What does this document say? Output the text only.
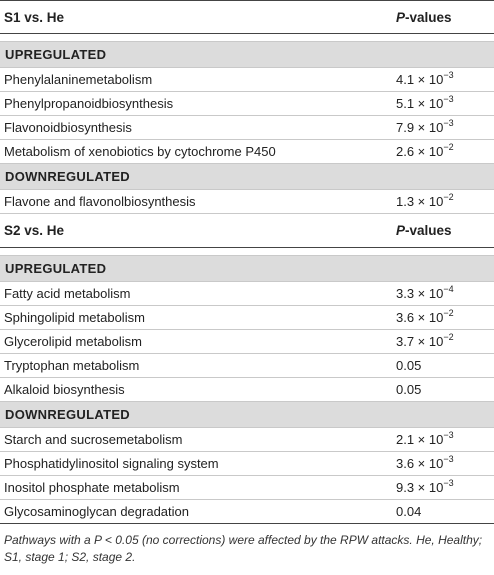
S1 vs. He	P-values
UPREGULATED
Phenylalaninemetabolism	$4.1 \times 10^{-3}$
Phenylpropanoidbiosynthesis	$5.1 \times 10^{-3}$
Flavonoidbiosynthesis	$7.9 \times 10^{-3}$
Metabolism of xenobiotics by cytochrome P450	$2.6 \times 10^{-2}$
DOWNREGULATED
Flavone and flavonolbiosynthesis	$1.3 \times 10^{-2}$
S2 vs. He	P-values
UPREGULATED
Fatty acid metabolism	$3.3 \times 10^{-4}$
Sphingolipid metabolism	$3.6 \times 10^{-2}$
Glycerolipid metabolism	$3.7 \times 10^{-2}$
Tryptophan metabolism	0.05
Alkaloid biosynthesis	0.05
DOWNREGULATED
Starch and sucrosemetabolism	$2.1 \times 10^{-3}$
Phosphatidylinositol signaling system	$3.6 \times 10^{-3}$
Inositol phosphate metabolism	$9.3 \times 10^{-3}$
Glycosaminoglycan degradation	0.04
Pathways with a P < 0.05 (no corrections) were affected by the RPW attacks. He, Healthy;
S1, stage 1; S2, stage 2.
